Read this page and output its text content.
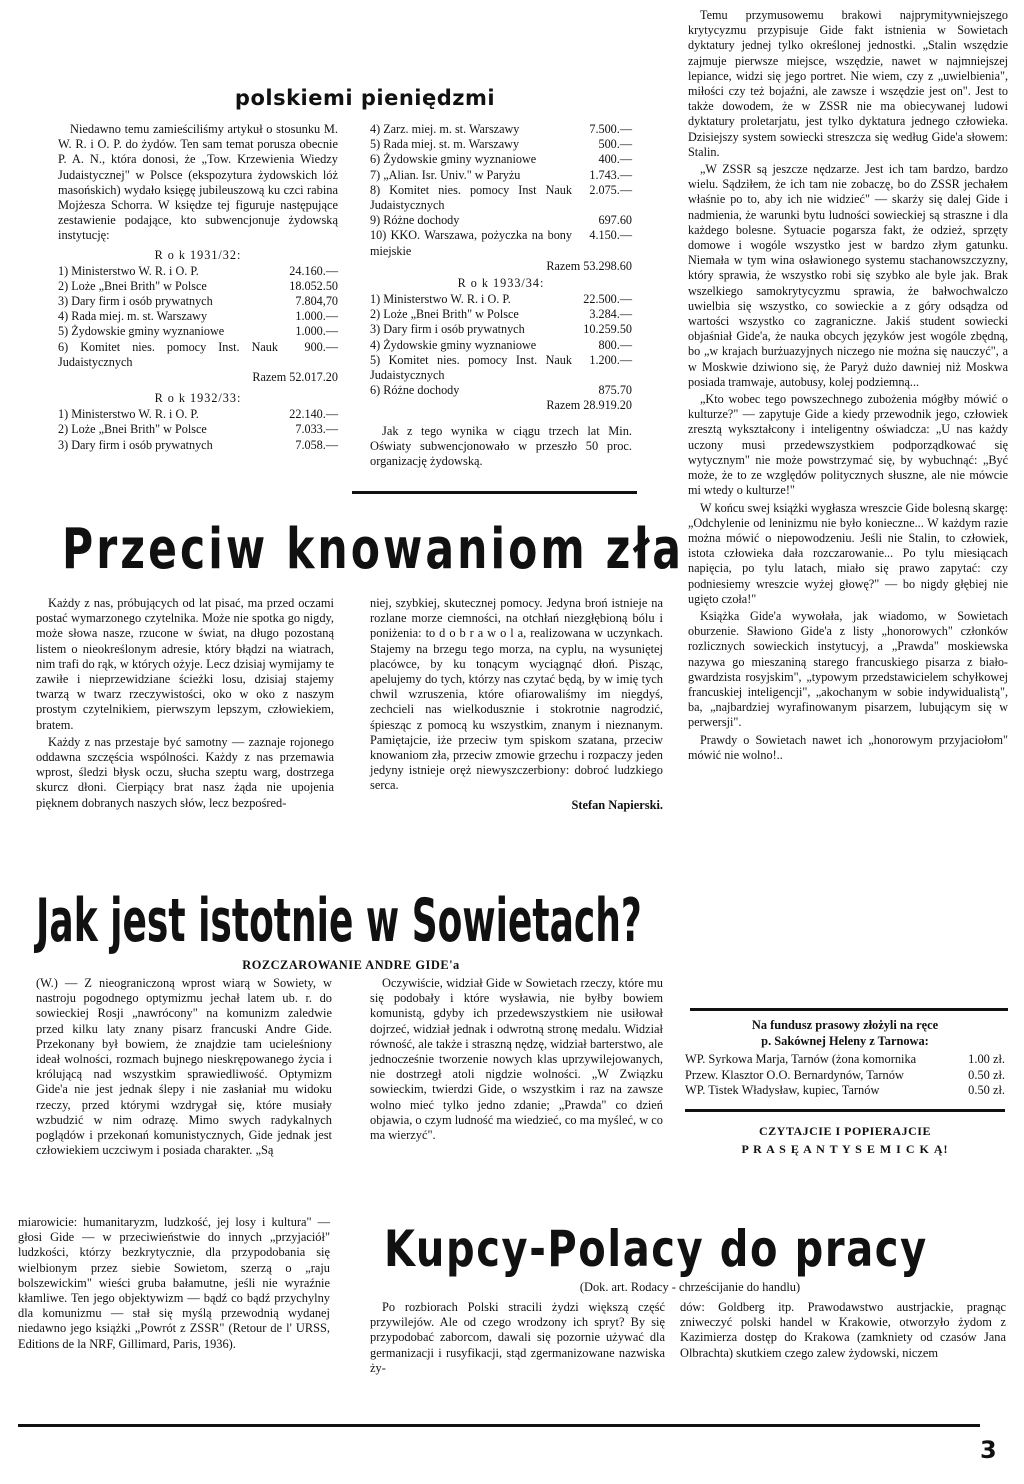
polskiemi pieniędzmi

Niedawno temu zamieściliśmy artykuł o stosunku M. W. R. i O. P. do żydów. Ten sam temat porusza obecnie P. A. N., która donosi, że „Tow. Krzewienia Wiedzy Judaistycznej" w Polsce (ekspozytura żydowskich lóż masońskich) wydało księgę jubileuszową ku czci rabina Mojżesza Schorra. W księdze tej figuruje następujące zestawienie podające, kto subwencjonuje żydowską instytucję:

R o k 1931/32:
1) Ministerstwo W. R. i O. P.	24.160.—
2) Loże „Bnei Brith" w Polsce	18.052.50
3) Dary firm i osób prywatnych	7.804,70
4) Rada miej. m. st. Warszawy	1.000.—
5) Żydowskie gminy wyznaniowe	1.000.—
6) Komitet nies. pomocy Inst. Nauk Judaistycznych
900.—
Razem 52.017.20
R o k 1932/33:
1) Ministerstwo W. R. i O. P.	22.140.—
2) Loże „Bnei Brith" w Polsce	7.033.—
3) Dary firm i osób prywatnych	7.058.—
4) Zarz. miej. m. st. Warszawy	7.500.—
5) Rada miej. st. m. Warszawy	500.—
6) Żydowskie gminy wyznaniowe	400.—
7) „Alian. Isr. Univ." w Paryżu	1.743.—
8) Komitet nies. pomocy Inst Nauk Judaistycznych
2.075.—
9) Różne dochody	697.60
10) KKO. Warszawa, pożyczka na bony miejskie
4.150.—
Razem 53.298.60
R o k 1933/34:
1) Ministerstwo W. R. i O. P.	22.500.—
2) Loże „Bnei Brith" w Polsce	3.284.—
3) Dary firm i osób prywatnych	10.259.50
4) Żydowskie gminy wyznaniowe	800.—
5) Komitet nies. pomocy Inst. Nauk Judaistycznych
1.200.—
6) Różne dochody	875.70
Razem 28.919.20

Jak z tego wynika w ciągu trzech lat Min. Oświaty subwencjonowało w przeszło 50 proc. organizację żydowską.

Przeciw knowaniom zła

Każdy z nas, próbujących od lat pisać, ma przed oczami postać wymarzonego czytelnika. Może nie spotka go nigdy, może słowa nasze, rzucone w świat, na długo pozostaną listem o nieokreślonym adresie, który błądzi na wiatrach, nim trafi do rąk, w których ożyje. Lecz dzisiaj wymijamy te zawiłe i nieprzewidziane ścieżki losu, dzisiaj stajemy twarzą w twarz rzeczywistości, oko w oko z naszym prostym czytelnikiem, pierwszym lepszym, człowiekiem, bratem.

Każdy z nas przestaje być samotny — zaznaje rojonego oddawna szczęścia wspólności. Każdy z nas przemawia wprost, śledzi błysk oczu, słucha szeptu warg, dostrzega skurcz dłoni. Cierpiący brat nasz żąda nie upojenia pięknem dobranych naszych słów, lecz bezpośred-

niej, szybkiej, skutecznej pomocy. Jedyna broń istnieje na rozlane morze ciemności, na otchłań niezgłębioną bólu i poniżenia: to d o b r a w o l a, realizowana w uczynkach. Stajemy na brzegu tego morza, na cyplu, na wysuniętej placówce, by ku tonącym wyciągnąć dłoń. Pisząc, apelujemy do tych, którzy nas czytać będą, by w imię tych chwil wzruszenia, które ofiarowaliśmy im niegdyś, zechcieli nas wielkodusznie i stokrotnie nagrodzić, śpiesząc z pomocą ku wszystkim, znanym i nieznanym. Pamiętajcie, iże przeciw tym spiskom szatana, przeciw knowaniom zła, przeciw zmowie grzechu i rozpaczy jeden jedyny istnieje oręż niewyszczerbiony: dobroć ludzkiego serca.

Stefan Napierski.
Jak jest istotnie w Sowietach?
ROZCZAROWANIE ANDRE GIDE'a

(W.) — Z nieograniczoną wprost wiarą w Sowiety, w nastroju pogodnego optymizmu jechał latem ub. r. do sowieckiej Rosji „nawrócony" na komunizm zaledwie przed kilku laty znany pisarz francuski Andre Gide. Przekonany był bowiem, że znajdzie tam ucieleśniony ideał wolności, rozmach bujnego nieskrępowanego życia i królującą nad wszystkim sprawiedliwość. Optymizm Gide'a nie jest jednak ślepy i nie zasłaniał mu widoku rzeczy, przed którymi wzdrygał się, które musiały wzbudzić w nim odrazę. Mimo swych radykalnych poglądów i przekonań komunistycznych, Gide jednak jest człowiekiem uczciwym i posiada charakter. „Są

Oczywiście, widział Gide w Sowietach rzeczy, które mu się podobały i które wysławia, nie byłby bowiem komunistą, gdyby ich przedewszystkiem nie usiłował dojrzeć, widział jednak i odwrotną stronę medalu. Widział równość, ale także i straszną nędzę, widział barterstwo, ale jednocześnie tworzenie nowych klas uprzywilejowanych, nie dostrzegł atoli nigdzie wolności. „W Związku sowieckim, twierdzi Gide, o wszystkim i raz na zawsze wolno mieć tylko jedno zdanie; „Prawda" co dzień objawia, o czym ludność ma wiedzieć, co ma myśleć, w co ma wierzyć".

miarowicie: humanitaryzm, ludzkość, jej losy i kultura" — głosi Gide — w przeciwieństwie do innych „przyjaciół" ludzkości, którzy bezkrytycznie, dla przypodobania się wielbionym przez siebie Sowietom, szerzą o „raju bolszewickim" wieści gruba bałamutne, jeśli nie wyraźnie kłamliwe. Ten jego objektywizm — bądź co bądź przychylny dla komunizmu — stał się myślą przewodnią wydanej niedawno jego książki „Powrót z ZSSR" (Retour de l' URSS, Editions de la NRF, Gillimard, Paris, 1936).

Temu przymusowemu brakowi najprymitywniejszego krytycyzmu przypisuje Gide fakt istnienia w Sowietach dyktatury jednej tylko określonej jednostki. „Stalin wszędzie zajmuje pierwsze miejsce, wszędzie, nawet w najmniejszej lepiance, widzi się jego portret. Nie wiem, czy z „uwielbienia", miłości czy też bojaźni, ale zawsze i wszędzie jest on". Jest to także dowodem, że w ZSSR nie ma obiecywanej ludowi dyktatury proletarjatu, jest tylko dyktatura jednego człowieka. Dzisiejszy system sowiecki streszcza się według Gide'a słowem: Stalin.

„W ZSSR są jeszcze nędzarze. Jest ich tam bardzo, bardzo wielu. Sądziłem, że ich tam nie zobaczę, bo do ZSSR jechałem właśnie po to, aby ich nie widzieć" — skarży się dalej Gide i nadmienia, że warunki bytu ludności sowieckiej są straszne i dla każdego bolesne. Sytuacie pogarsza fakt, że odzież, sprzęty domowe i wogóle wszystko jest w bardzo złym gatunku. Niemała w tym wina osławionego systemu stachanowszczyzny, który sprawia, że wszystko robi się szybko ale byle jak. Brak wszelkiego samokrytycyzmu sprawia, że bałwochwalczo uwielbia się wszystko, co sowieckie a z góry odsądza od wartości wszystko co zagraniczne. Jakiś student sowiecki objaśniał Gide'a, że nauka obcych języków jest wogóle zbędną, bo „w krajach burżuazyjnych niczego nie można się nauczyć", a w Moskwie dziwiono się, że Paryż dużo dawniej niż Moskwa posiada tramwaje, autobusy, kolej podziemną...

„Kto wobec tego powszechnego zubożenia mógłby mówić o kulturze?" — zapytuje Gide a kiedy przewodnik jego, człowiek zresztą wykształcony i inteligentny oświadcza: „U nas każdy uczony musi przedewszystkiem podporządkować się wytycznym" nie może powstrzymać się, by wybuchnąć: „Być może, że to ze względów politycznych słuszne, ale nie mówcie mi wtedy o kulturze!"

W końcu swej książki wygłasza wreszcie Gide bolesną skargę: „Odchylenie od leninizmu nie było konieczne... W każdym razie można mówić o niepowodzeniu. Jeśli nie Stalin, to człowiek, istota człowieka dała rozczarowanie... Po tylu miesiącach napięcia, po tylu latach, miało się prawo zapytać: czy podniesiemy wreszcie wyżej głowę?" — bo nigdy głębiej nie ugięto czoła!"

Książka Gide'a wywołała, jak wiadomo, w Sowietach oburzenie. Sławiono Gide'a z listy „honorowych" członków rozlicznych sowieckich instytucyj, a „Prawda" moskiewska nazywa go mieszaniną starego francuskiego pisarza z biało-gwardzista rosyjskim", „typowym przedstawicielem schyłkowej francuskiej inteligencji", „akochanym w sobie indywidualistą", ba, „najbardziej wyrafinowanym pisarzem, lubującym się w perwersji".

Prawdy o Sowietach nawet ich „honorowym przyjaciołom" mówić nie wolno!..

Na fundusz prasowy złożyli na ręce
p. Sakównej Heleny z Tarnowa:
WP. Syrkowa Marja, Tarnów (żona komornika	1.00 zł.
Przew. Klasztor O.O. Bernardynów, Tarnów	0.50 zł.
WP. Tistek Władysław, kupiec, Tarnów	0.50 zł.
CZYTAJCIE I POPIERAJCIE
P R A S Ę A N T Y S E M I C K Ą!
Kupcy-Polacy do pracy
(Dok. art. Rodacy - chrześcijanie do handlu)

Po rozbiorach Polski stracili żydzi większą część przywilejów. Ale od czego wrodzony ich spryt? By się przypodobać zaborcom, dawali się pozornie używać dla germanizacji i rusyfikacji, stąd zgermanizowane nazwiska ży-

dów: Goldberg itp. Prawodawstwo austrjackie, pragnąc zniweczyć polski handel w Krakowie, otworzyło żydom z Kazimierza dostęp do Krakowa (zamkniety od czasów Jana Olbrachta) skutkiem czego zalew żydowski, niczem

3
